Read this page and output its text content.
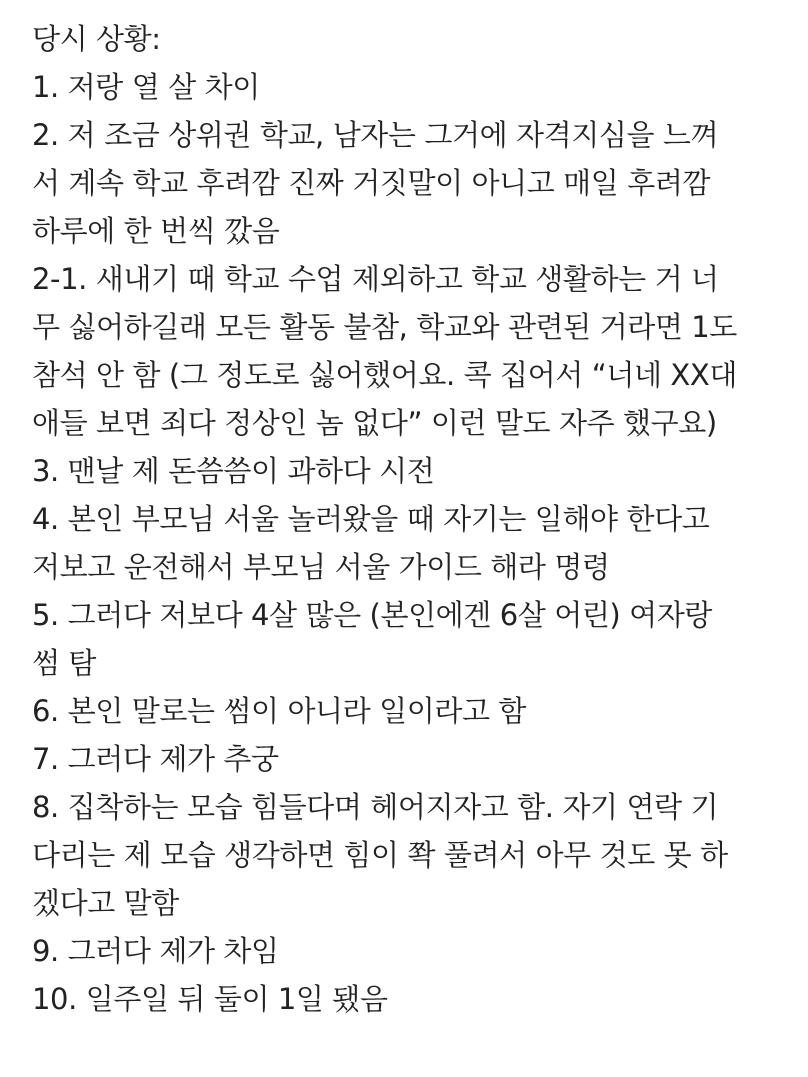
당시 상황:
1. 저랑 열 살 차이
2. 저 조금 상위권 학교, 남자는 그거에 자격지심을 느껴
서 계속 학교 후려깜 진짜 거짓말이 아니고 매일 후려깜
하루에 한 번씩 깠음
2-1. 새내기 때 학교 수업 제외하고 학교 생활하는 거 너
무 싫어하길래 모든 활동 불참, 학교와 관련된 거라면 1도
참석 안 함 (그 정도로 싫어했어요. 콕 집어서 “너네 XX대
애들 보면 죄다 정상인 놈 없다” 이런 말도 자주 했구요)
3. 맨날 제 돈씀씀이 과하다 시전
4. 본인 부모님 서울 놀러왔을 때 자기는 일해야 한다고
저보고 운전해서 부모님 서울 가이드 해라 명령
5. 그러다 저보다 4살 많은 (본인에겐 6살 어린) 여자랑
썸 탐
6. 본인 말로는 썸이 아니라 일이라고 함
7. 그러다 제가 추궁
8. 집착하는 모습 힘들다며 헤어지자고 함. 자기 연락 기
다리는 제 모습 생각하면 힘이 쫙 풀려서 아무 것도 못 하
겠다고 말함
9. 그러다 제가 차임
10. 일주일 뒤 둘이 1일 됐음
